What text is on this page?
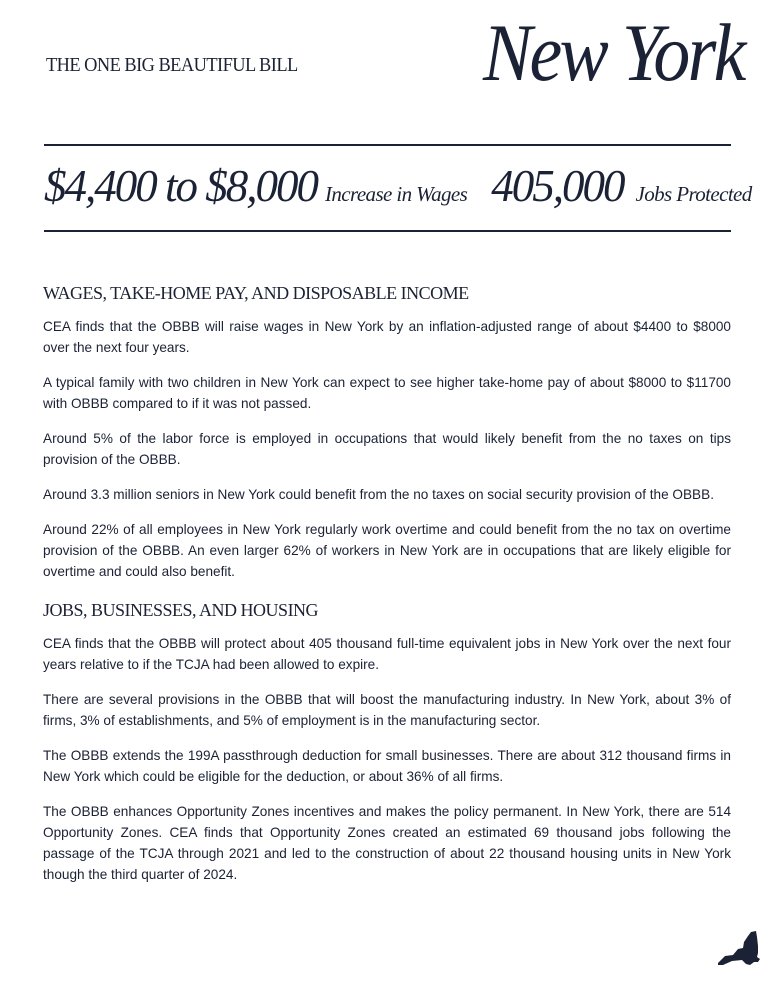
THE ONE BIG BEAUTIFUL BILL New York
$4,400 to $8,000 Increase in Wages 405,000 Jobs Protected
WAGES, TAKE-HOME PAY, AND DISPOSABLE INCOME

CEA finds that the OBBB will raise wages in New York by an inflation-adjusted range of about $4400 to $8000 over the next four years.

A typical family with two children in New York can expect to see higher take-home pay of about $8000 to $11700 with OBBB compared to if it was not passed.

Around 5% of the labor force is employed in occupations that would likely benefit from the no taxes on tips provision of the OBBB.

Around 3.3 million seniors in New York could benefit from the no taxes on social security provision of the OBBB.

Around 22% of all employees in New York regularly work overtime and could benefit from the no tax on overtime provision of the OBBB. An even larger 62% of workers in New York are in occupations that are likely eligible for overtime and could also benefit.

JOBS, BUSINESSES, AND HOUSING

CEA finds that the OBBB will protect about 405 thousand full-time equivalent jobs in New York over the next four years relative to if the TCJA had been allowed to expire.

There are several provisions in the OBBB that will boost the manufacturing industry. In New York, about 3% of firms, 3% of establishments, and 5% of employment is in the manufacturing sector.

The OBBB extends the 199A passthrough deduction for small businesses. There are about 312 thousand firms in New York which could be eligible for the deduction, or about 36% of all firms.

The OBBB enhances Opportunity Zones incentives and makes the policy permanent. In New York, there are 514 Opportunity Zones. CEA finds that Opportunity Zones created an estimated 69 thousand jobs following the passage of the TCJA through 2021 and led to the construction of about 22 thousand housing units in New York though the third quarter of 2024.
